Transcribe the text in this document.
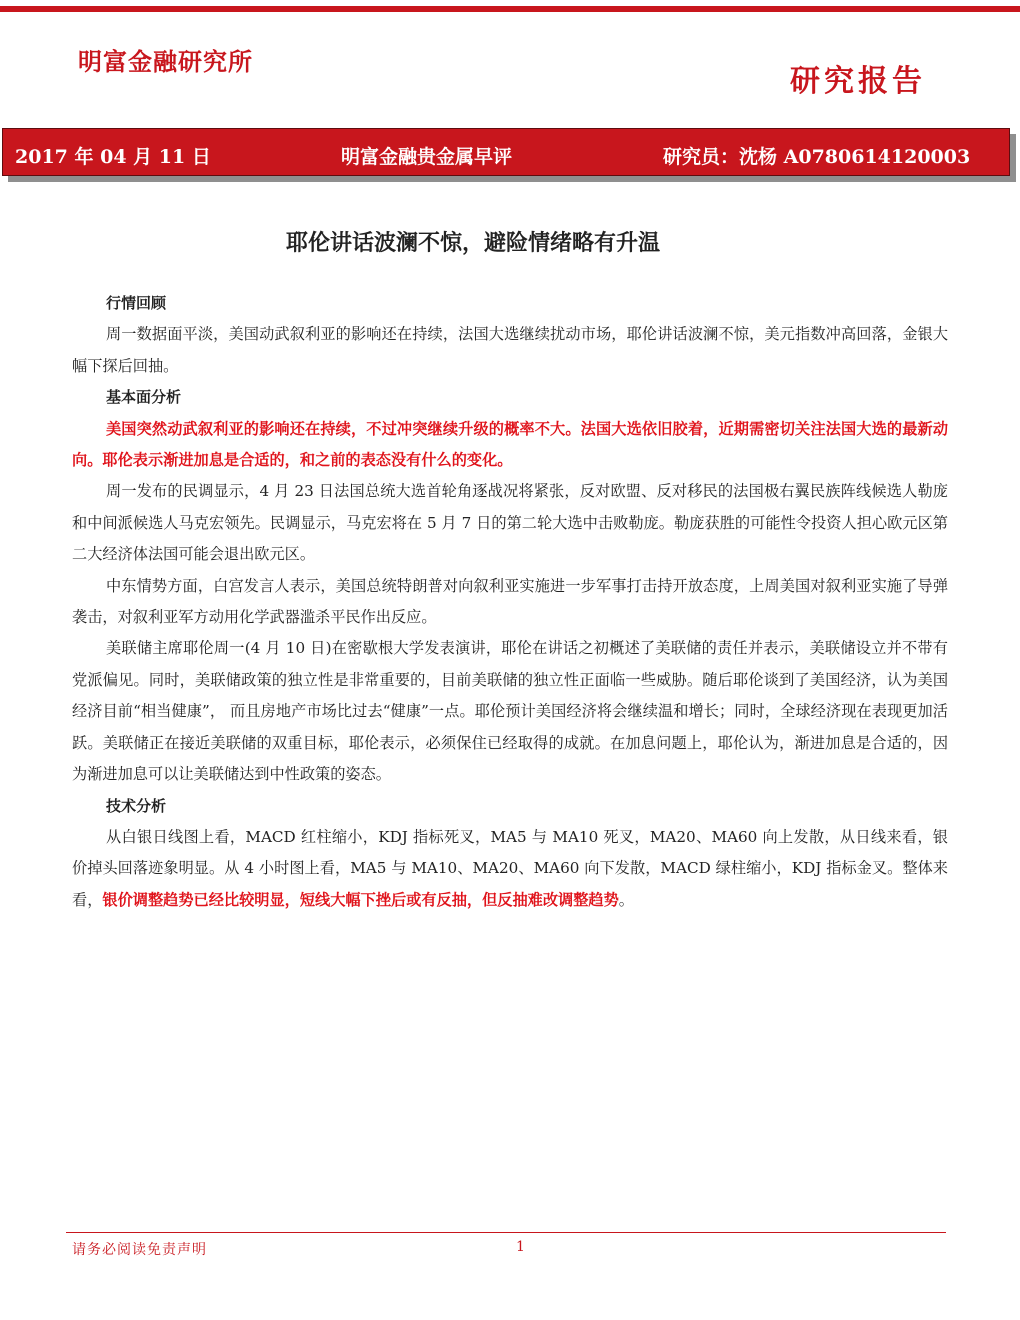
明富金融研究所
研究报告
2017 年 04 月 11 日	明富金融贵金属早评	研究员：沈杨 A0780614120003
耶伦讲话波澜不惊，避险情绪略有升温

行情回顾

周一数据面平淡，美国动武叙利亚的影响还在持续，法国大选继续扰动市场，耶伦讲话波澜不惊，美元指数冲高回落，金银大幅下探后回抽。

基本面分析

美国突然动武叙利亚的影响还在持续，不过冲突继续升级的概率不大。法国大选依旧胶着，近期需密切关注法国大选的最新动向。耶伦表示渐进加息是合适的，和之前的表态没有什么的变化。

周一发布的民调显示，4 月 23 日法国总统大选首轮角逐战况将紧张，反对欧盟、反对移民的法国极右翼民族阵线候选人勒庞和中间派候选人马克宏领先。民调显示，马克宏将在 5 月 7 日的第二轮大选中击败勒庞。勒庞获胜的可能性令投资人担心欧元区第二大经济体法国可能会退出欧元区。

中东情势方面，白宫发言人表示，美国总统特朗普对向叙利亚实施进一步军事打击持开放态度，上周美国对叙利亚实施了导弹袭击，对叙利亚军方动用化学武器滥杀平民作出反应。

美联储主席耶伦周一(4 月 10 日)在密歇根大学发表演讲，耶伦在讲话之初概述了美联储的责任并表示，美联储设立并不带有党派偏见。同时，美联储政策的独立性是非常重要的，目前美联储的独立性正面临一些威胁。随后耶伦谈到了美国经济，认为美国经济目前“相当健康”， 而且房地产市场比过去“健康”一点。耶伦预计美国经济将会继续温和增长；同时，全球经济现在表现更加活跃。美联储正在接近美联储的双重目标，耶伦表示，必须保住已经取得的成就。在加息问题上，耶伦认为，渐进加息是合适的，因为渐进加息可以让美联储达到中性政策的姿态。

技术分析

从白银日线图上看，MACD 红柱缩小，KDJ 指标死叉，MA5 与 MA10 死叉，MA20、MA60 向上发散，从日线来看，银价掉头回落迹象明显。从 4 小时图上看，MA5 与 MA10、MA20、MA60 向下发散，MACD 绿柱缩小，KDJ 指标金叉。整体来看，银价调整趋势已经比较明显，短线大幅下挫后或有反抽，但反抽难改调整趋势。

请务必阅读免责声明	1
